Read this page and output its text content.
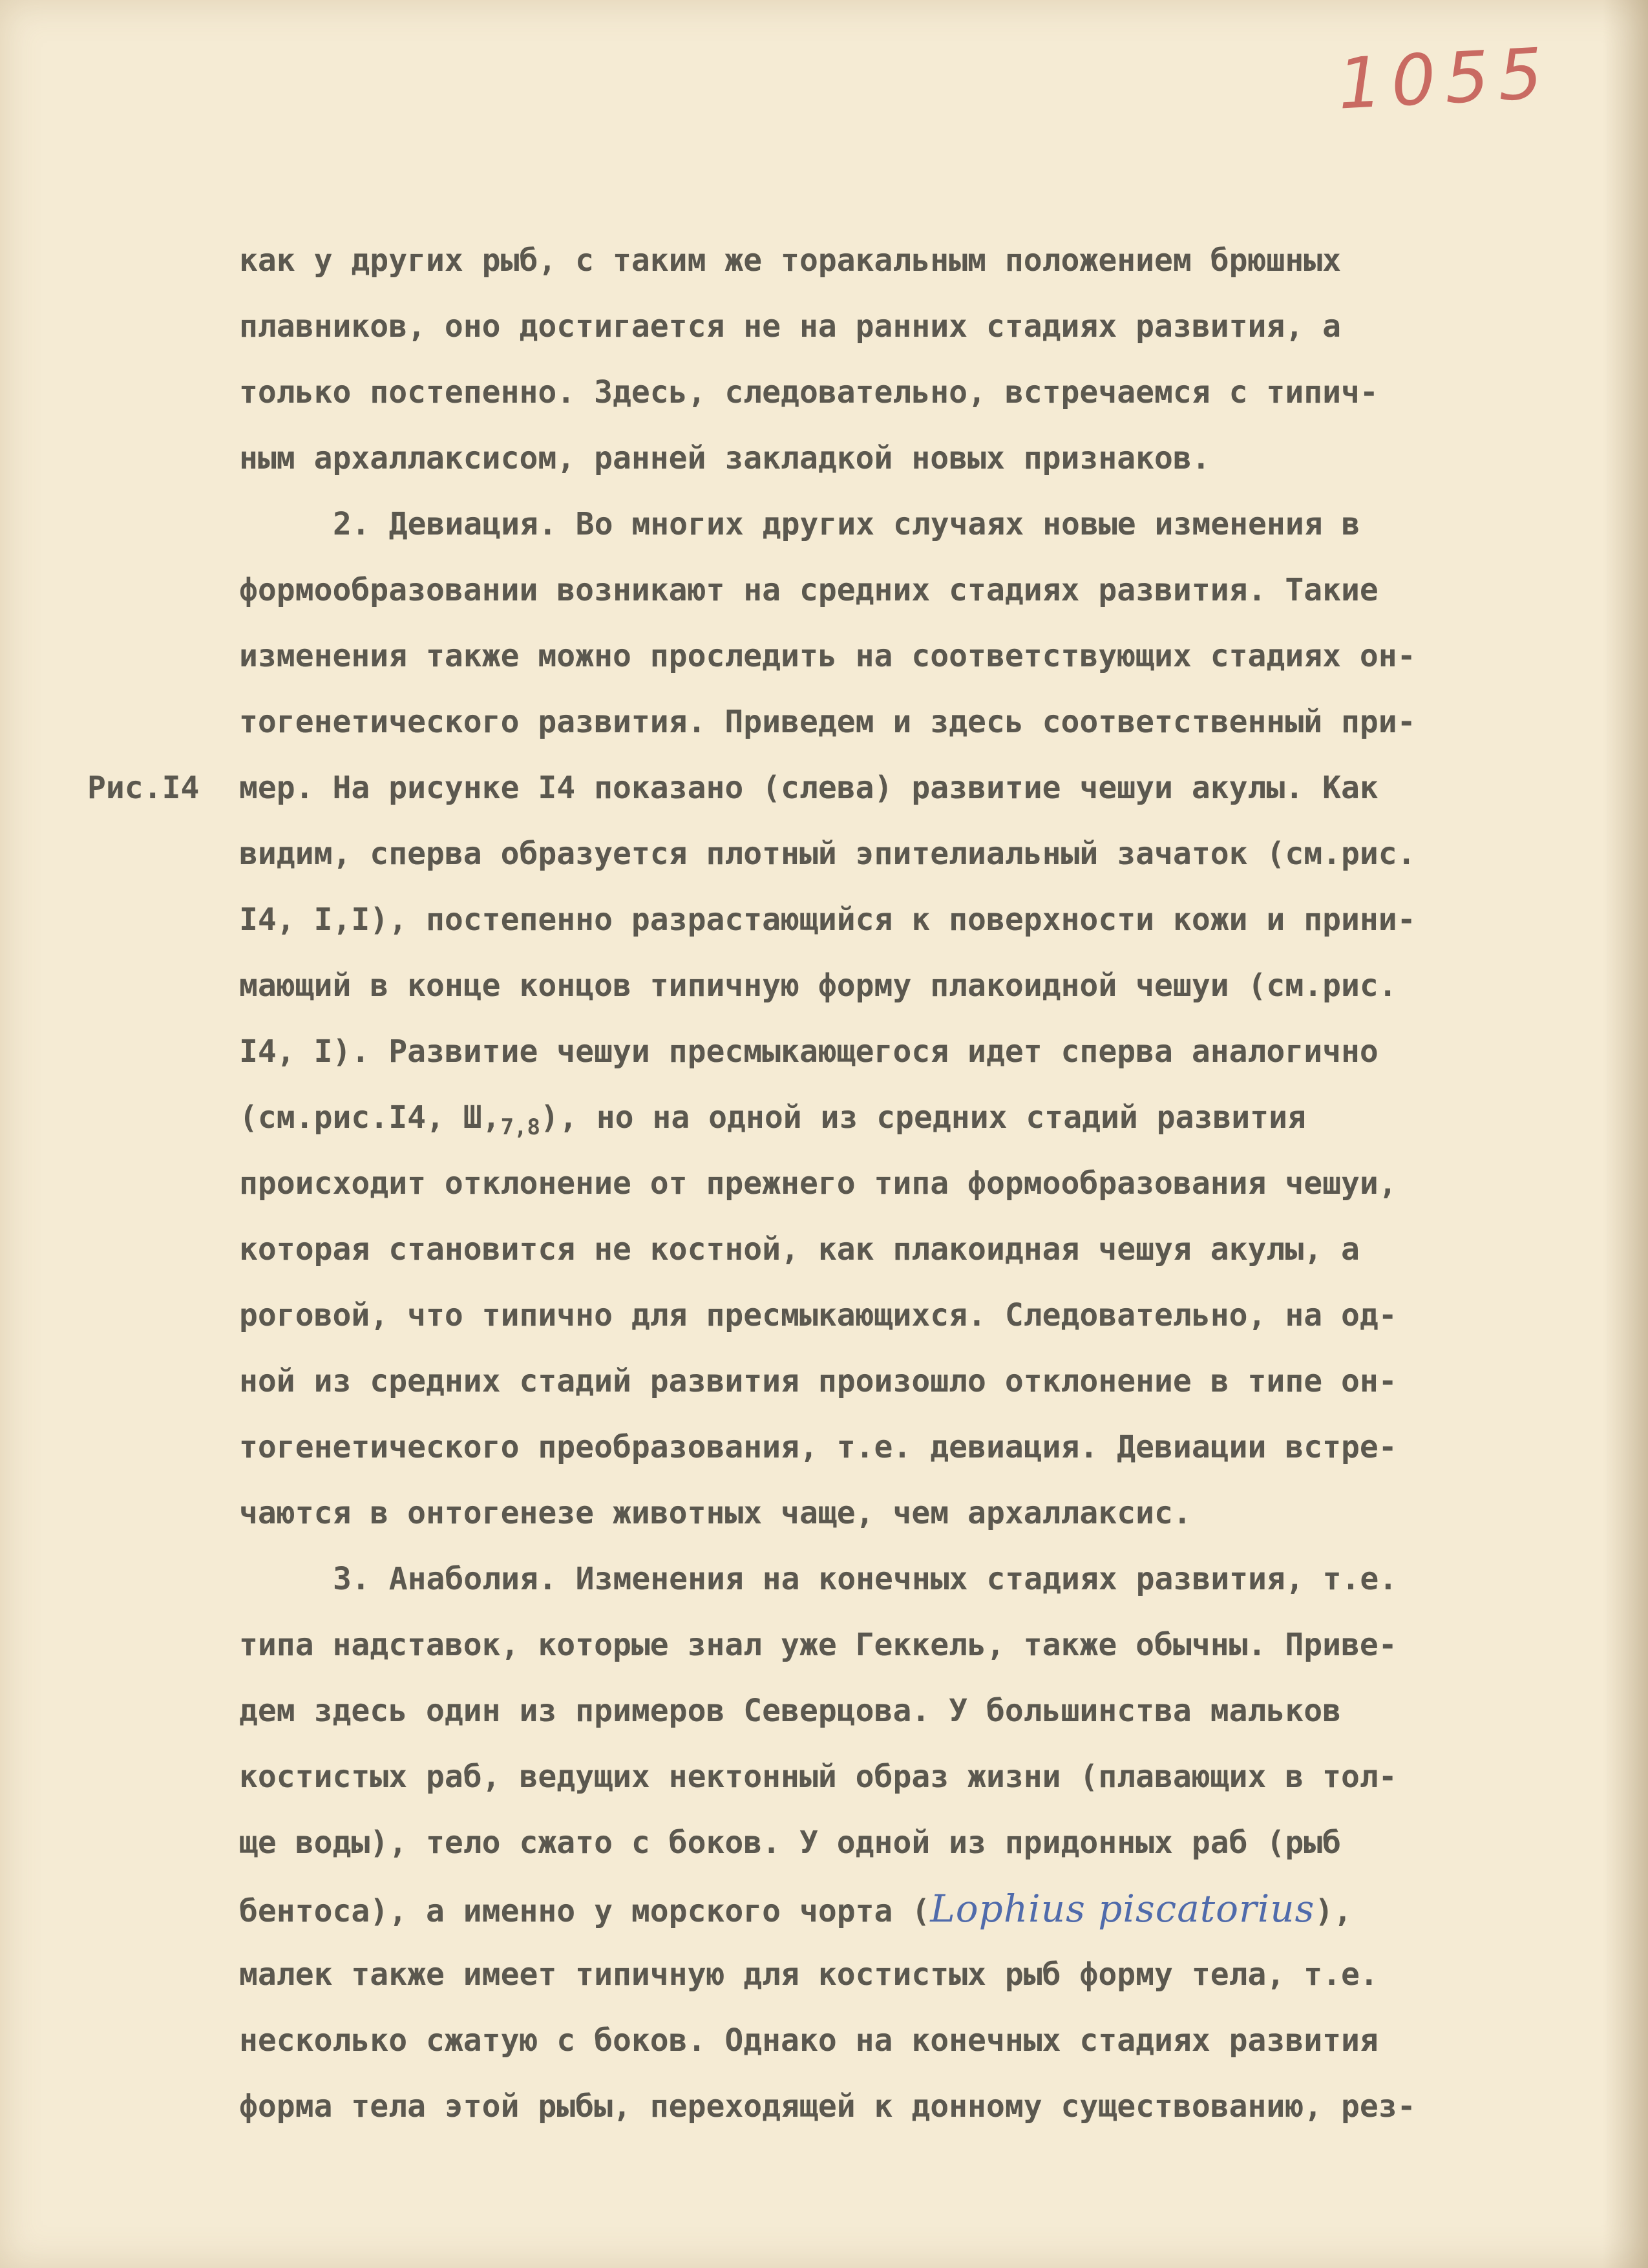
1055
как у других рыб, с таким же торакальным положением брюшных
плавников, оно достигается не на ранних стадиях развития, а
только постепенно. Здесь, следовательно, встречаемся с типич-
ным архаллаксисом, ранней закладкой новых признаков.
2. Девиация. Во многих других случаях новые изменения в
формообразовании возникают на средних стадиях развития. Такие
изменения также можно проследить на соответствующих стадиях он-
тогенетического развития. Приведем и здесь соответственный при-
Рис.I4 мер. На рисунке I4 показано (слева) развитие чешуи акулы. Как
видим, сперва образуется плотный эпителиальный зачаток (см.рис.
I4, I,I), постепенно разрастающийся к поверхности кожи и прини-
мающий в конце концов типичную форму плакоидной чешуи (см.рис.
I4, I). Развитие чешуи пресмыкающегося идет сперва аналогично
(см.рис.I4, $Ш,_{7,8}$), но на одной из средних стадий развития
происходит отклонение от прежнего типа формообразования чешуи,
которая становится не костной, как плакоидная чешуя акулы, а
роговой, что типично для пресмыкающихся. Следовательно, на од-
ной из средних стадий развития произошло отклонение в типе он-
тогенетического преобразования, т.е. девиация. Девиации встре-
чаются в онтогенезе животных чаще, чем архаллаксис.
3. Анаболия. Изменения на конечных стадиях развития, т.е.
типа надставок, которые знал уже Геккель, также обычны. Приве-
дем здесь один из примеров Северцова. У большинства мальков
костистых раб, ведущих нектонный образ жизни (плавающих в тол-
ще воды), тело сжато с боков. У одной из придонных раб (рыб
бентоса), а именно у морского чорта (Lophius piscatorius),
малек также имеет типичную для костистых рыб форму тела, т.е.
несколько сжатую с боков. Однако на конечных стадиях развития
форма тела этой рыбы, переходящей к донному существованию, рез-
